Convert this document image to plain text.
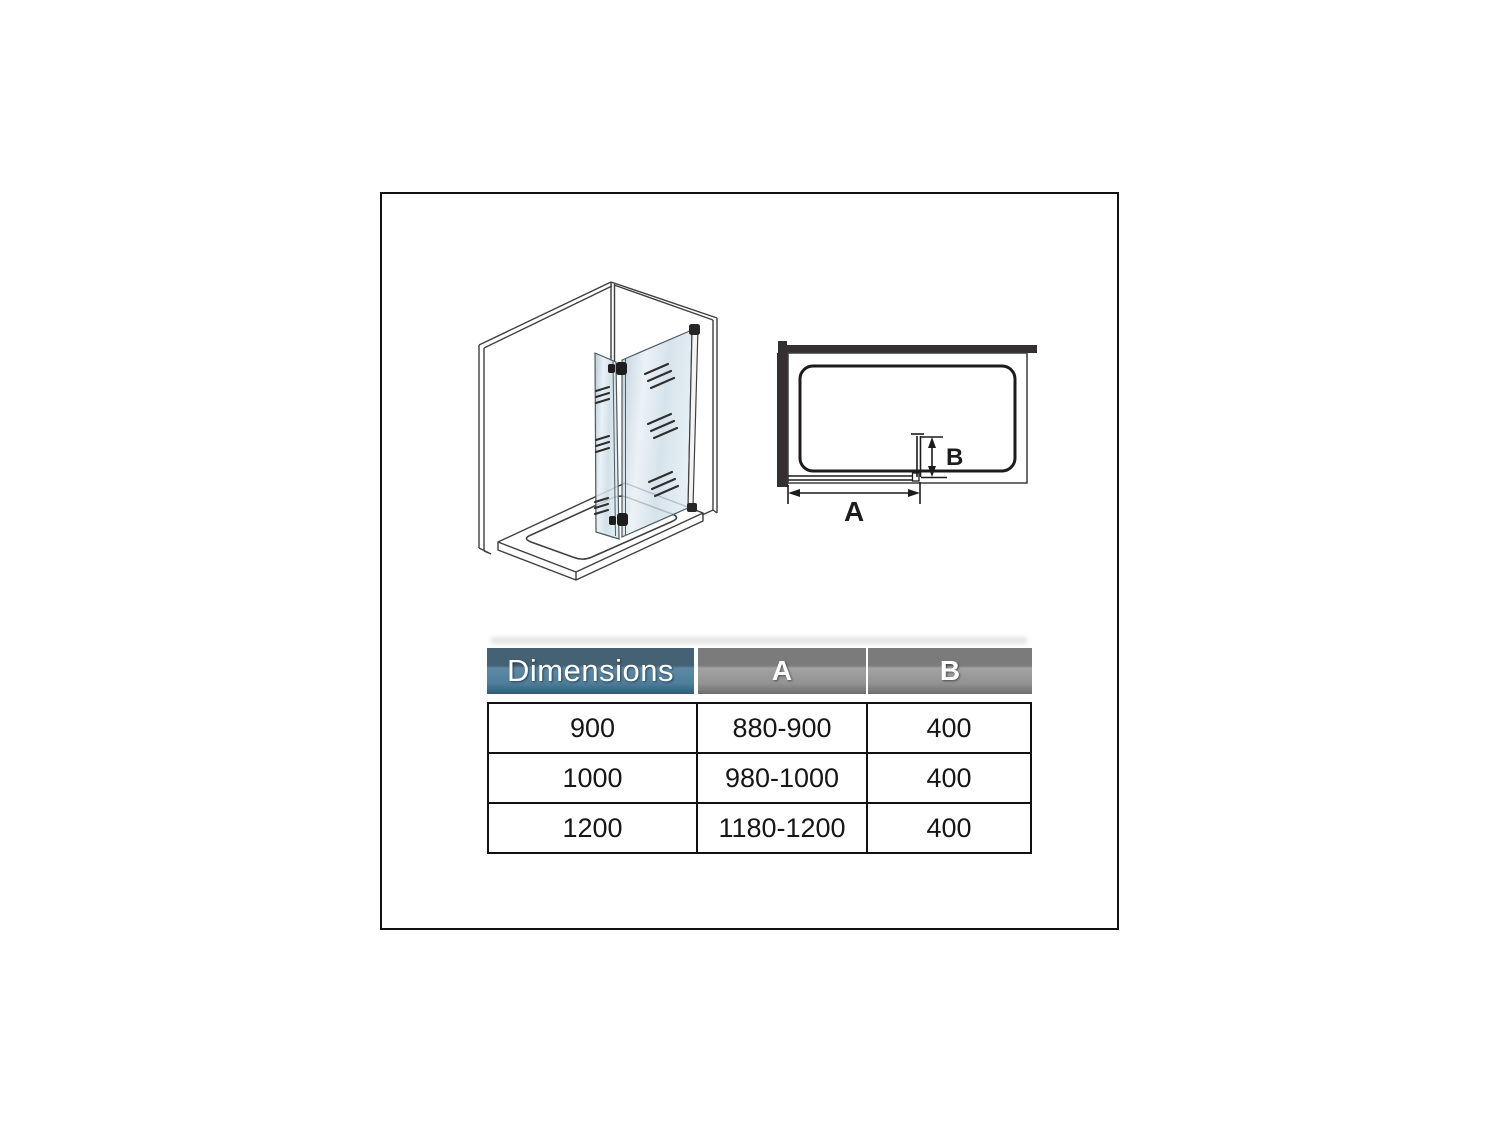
B
A
Dimensions	A	B
900	880-900	400
1000	980-1000	400
1200	1180-1200	400
